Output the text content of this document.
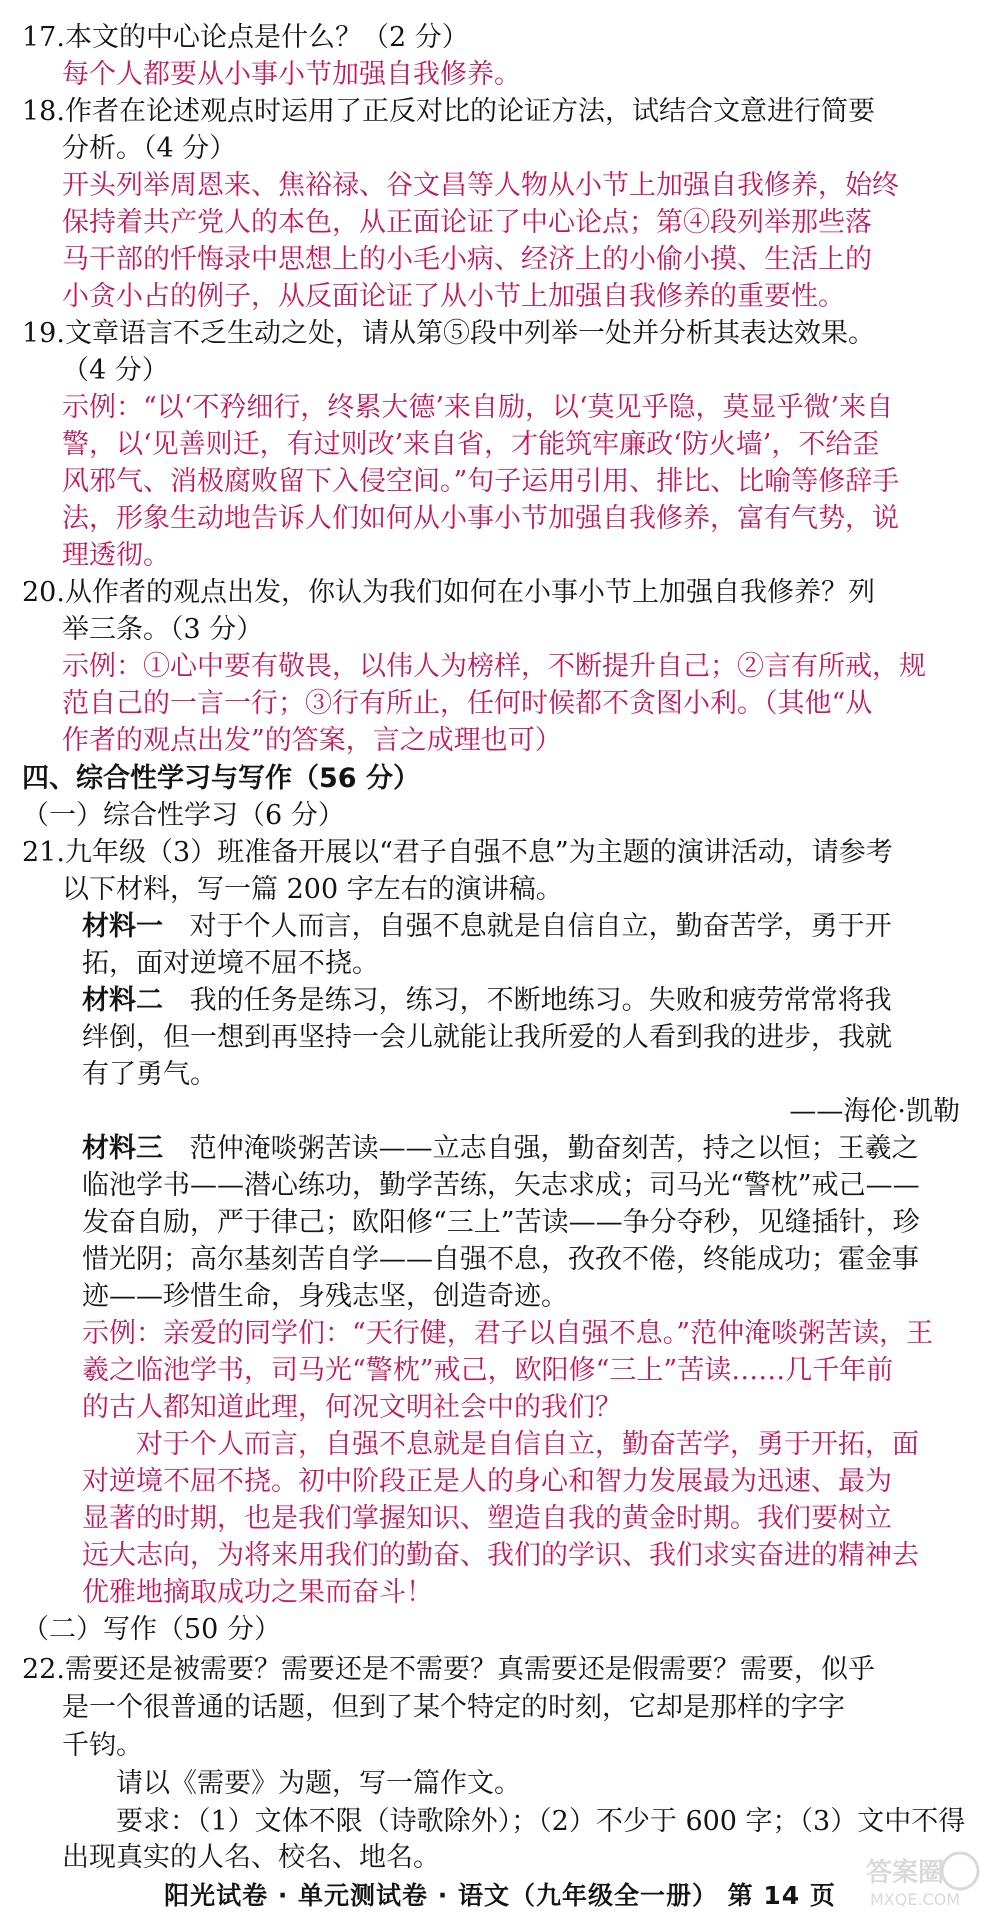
17.本文的中心论点是什么？（2 分）
每个人都要从小事小节加强自我修养。
18.作者在论述观点时运用了正反对比的论证方法，试结合文意进行简要
分析。（4 分）
开头列举周恩来、焦裕禄、谷文昌等人物从小节上加强自我修养，始终
保持着共产党人的本色，从正面论证了中心论点；第④段列举那些落
马干部的忏悔录中思想上的小毛小病、经济上的小偷小摸、生活上的
小贪小占的例子，从反面论证了从小节上加强自我修养的重要性。
19.文章语言不乏生动之处，请从第⑤段中列举一处并分析其表达效果。
（4 分）
示例：“以‘不矜细行，终累大德’来自励，以‘莫见乎隐，莫显乎微’来自
警，以‘见善则迁，有过则改’来自省，才能筑牢廉政‘防火墙’，不给歪
风邪气、消极腐败留下入侵空间。”句子运用引用、排比、比喻等修辞手
法，形象生动地告诉人们如何从小事小节加强自我修养，富有气势，说
理透彻。
20.从作者的观点出发，你认为我们如何在小事小节上加强自我修养？列
举三条。（3 分）
示例：①心中要有敬畏，以伟人为榜样，不断提升自己；②言有所戒，规
范自己的一言一行；③行有所止，任何时候都不贪图小利。（其他“从
作者的观点出发”的答案，言之成理也可）
四、综合性学习与写作（56 分）
（一）综合性学习（6 分）
21.九年级（3）班准备开展以“君子自强不息”为主题的演讲活动，请参考
以下材料，写一篇 200 字左右的演讲稿。
材料一 对于个人而言，自强不息就是自信自立，勤奋苦学，勇于开
拓，面对逆境不屈不挠。
材料二 我的任务是练习，练习，不断地练习。失败和疲劳常常将我
绊倒，但一想到再坚持一会儿就能让我所爱的人看到我的进步，我就
有了勇气。
——海伦·凯勒
材料三 范仲淹啖粥苦读——立志自强，勤奋刻苦，持之以恒；王羲之
临池学书——潜心练功，勤学苦练，矢志求成；司马光“警枕”戒己——
发奋自励，严于律己；欧阳修“三上”苦读——争分夺秒，见缝插针，珍
惜光阴；高尔基刻苦自学——自强不息，孜孜不倦，终能成功；霍金事
迹——珍惜生命，身残志坚，创造奇迹。
示例：亲爱的同学们：“天行健，君子以自强不息。”范仲淹啖粥苦读，王
羲之临池学书，司马光“警枕”戒己，欧阳修“三上”苦读……几千年前
的古人都知道此理，何况文明社会中的我们？
对于个人而言，自强不息就是自信自立，勤奋苦学，勇于开拓，面
对逆境不屈不挠。初中阶段正是人的身心和智力发展最为迅速、最为
显著的时期，也是我们掌握知识、塑造自我的黄金时期。我们要树立
远大志向，为将来用我们的勤奋、我们的学识、我们求实奋进的精神去
优雅地摘取成功之果而奋斗！
（二）写作（50 分）
22.需要还是被需要？需要还是不需要？真需要还是假需要？需要，似乎
是一个很普通的话题，但到了某个特定的时刻，它却是那样的字字
千钧。
请以《需要》为题，写一篇作文。
阳光试卷 · 单元测试卷 · 语文（九年级全一册） 第 14 页
答案圈
MXQE.COM
要求：（1）文体不限（诗歌除外）；（2）不少于 600 字；（3）文中不得
出现真实的人名、校名、地名。
